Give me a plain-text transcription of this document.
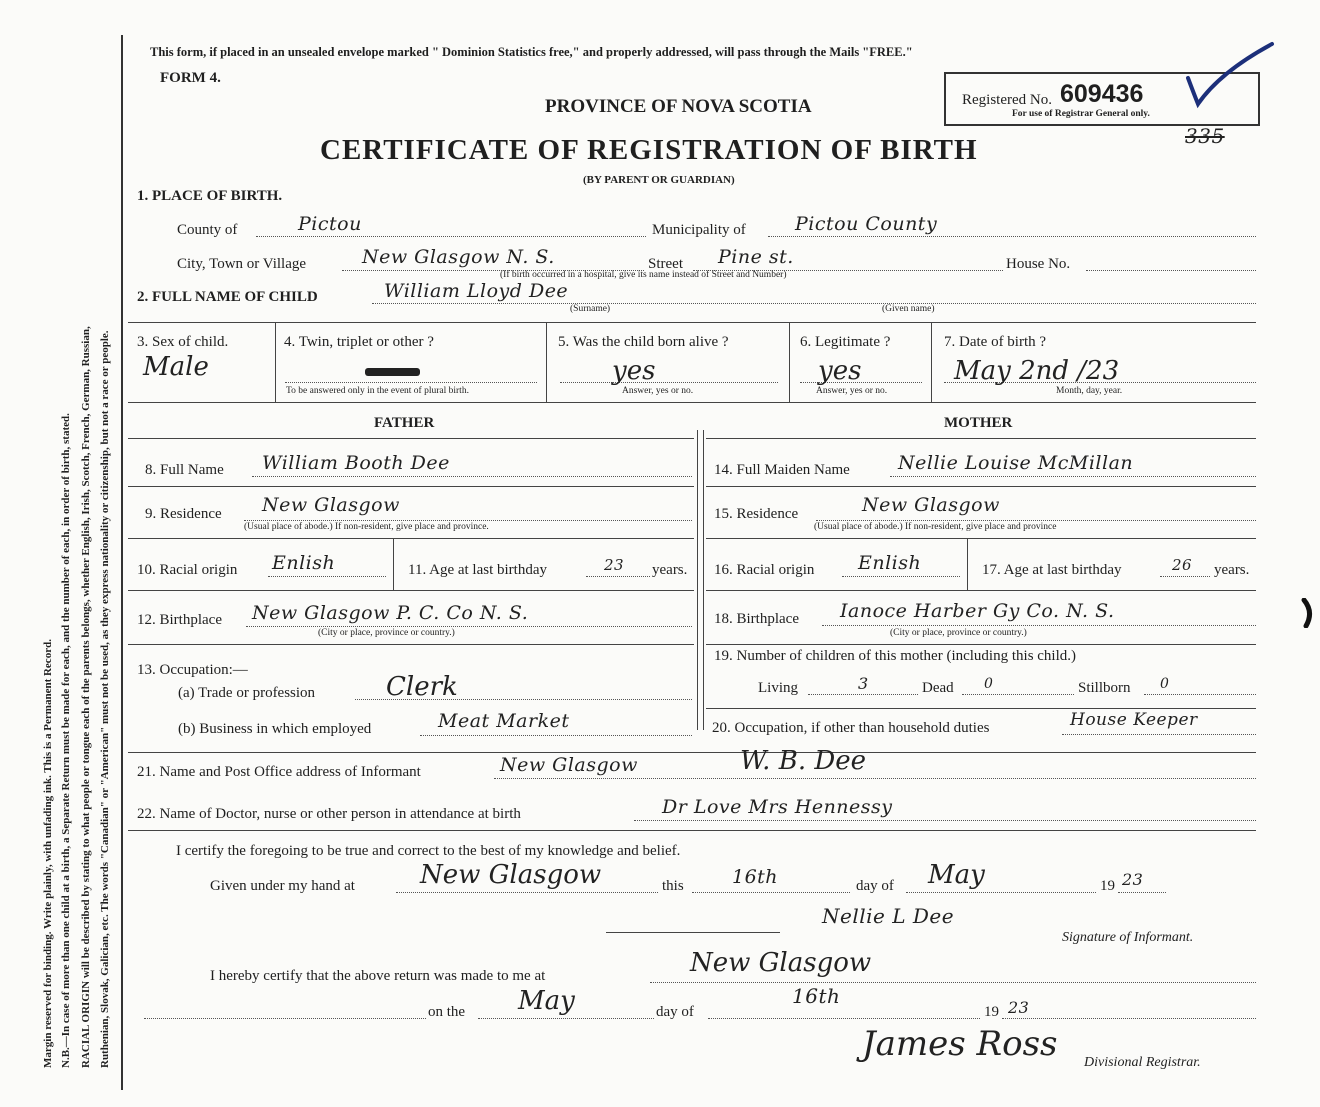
Margin reserved for binding. Write plainly, with unfading ink. This is a Permanent Record. N.B.—In case of more than one child at a birth, a Separate Return must be made for each, and the number of each, in order of birth, stated. RACIAL ORIGIN will be described by stating to what people or tongue each of the parents belongs, whether English, Irish, Scotch, French, German, Russian, Ruthenian, Slovak, Galician, etc. The words "Canadian" or "American" must not be used, as they express nationality or citizenship, but not a race or people.
This form, if placed in an unsealed envelope marked " Dominion Statistics free," and properly addressed, will pass through the Mails "FREE."
FORM 4.
PROVINCE OF NOVA SCOTIA
CERTIFICATE OF REGISTRATION OF BIRTH
(BY PARENT OR GUARDIAN)
Registered No. 609436
For use of Registrar General only.
335
1. PLACE OF BIRTH.
County of	Pictou	Municipality of	Pictou County
City, Town or Village	New Glasgow N. S.	Street Pine st.	House No.
(If birth occurred in a hospital, give its name instead of Street and Number)
2. FULL NAME OF CHILD	William Lloyd Dee
(Surname)	(Given name)
3. Sex of child.
Male
4. Twin, triplet or other ?
To be answered only in the event of plural birth.
5. Was the child born alive ?
yes
Answer, yes or no.
6. Legitimate ?
yes
Answer, yes or no.
7. Date of birth ?
May 2nd /23
Month, day, year.
FATHER	MOTHER
8. Full Name William Booth Dee
9. Residence New Glasgow
(Usual place of abode.) If non-resident, give place and province.
10. Racial origin Enlish	11. Age at last birthday	23 years.
12. Birthplace New Glasgow P. C. Co N. S.
(City or place, province or country.)
13. Occupation:—
(a) Trade or profession	Clerk
(b) Business in which employed	Meat Market
14. Full Maiden Name	Nellie Louise McMillan
15. Residence	New Glasgow
(Usual place of abode.) If non-resident, give place and province
16. Racial origin Enlish	17. Age at last birthday	26 years.
18. Birthplace Ianoce Harber Gy Co. N. S.
(City or place, province or country.)
19. Number of children of this mother (including this child.)
Living	3	Dead 0	Stillborn 0
20. Occupation, if other than household duties	House Keeper
21. Name and Post Office address of Informant	New Glasgow	W. B. Dee
22. Name of Doctor, nurse or other person in attendance at birth	Dr Love Mrs Hennessy
I certify the foregoing to be true and correct to the best of my knowledge and belief.
Given under my hand at	New Glasgow	this	16th	day of May	19 23
Nellie L Dee
Signature of Informant.
I hereby certify that the above return was made to me at	New Glasgow
on the May	day of
16th
19 23
James Ross Divisional Registrar.
